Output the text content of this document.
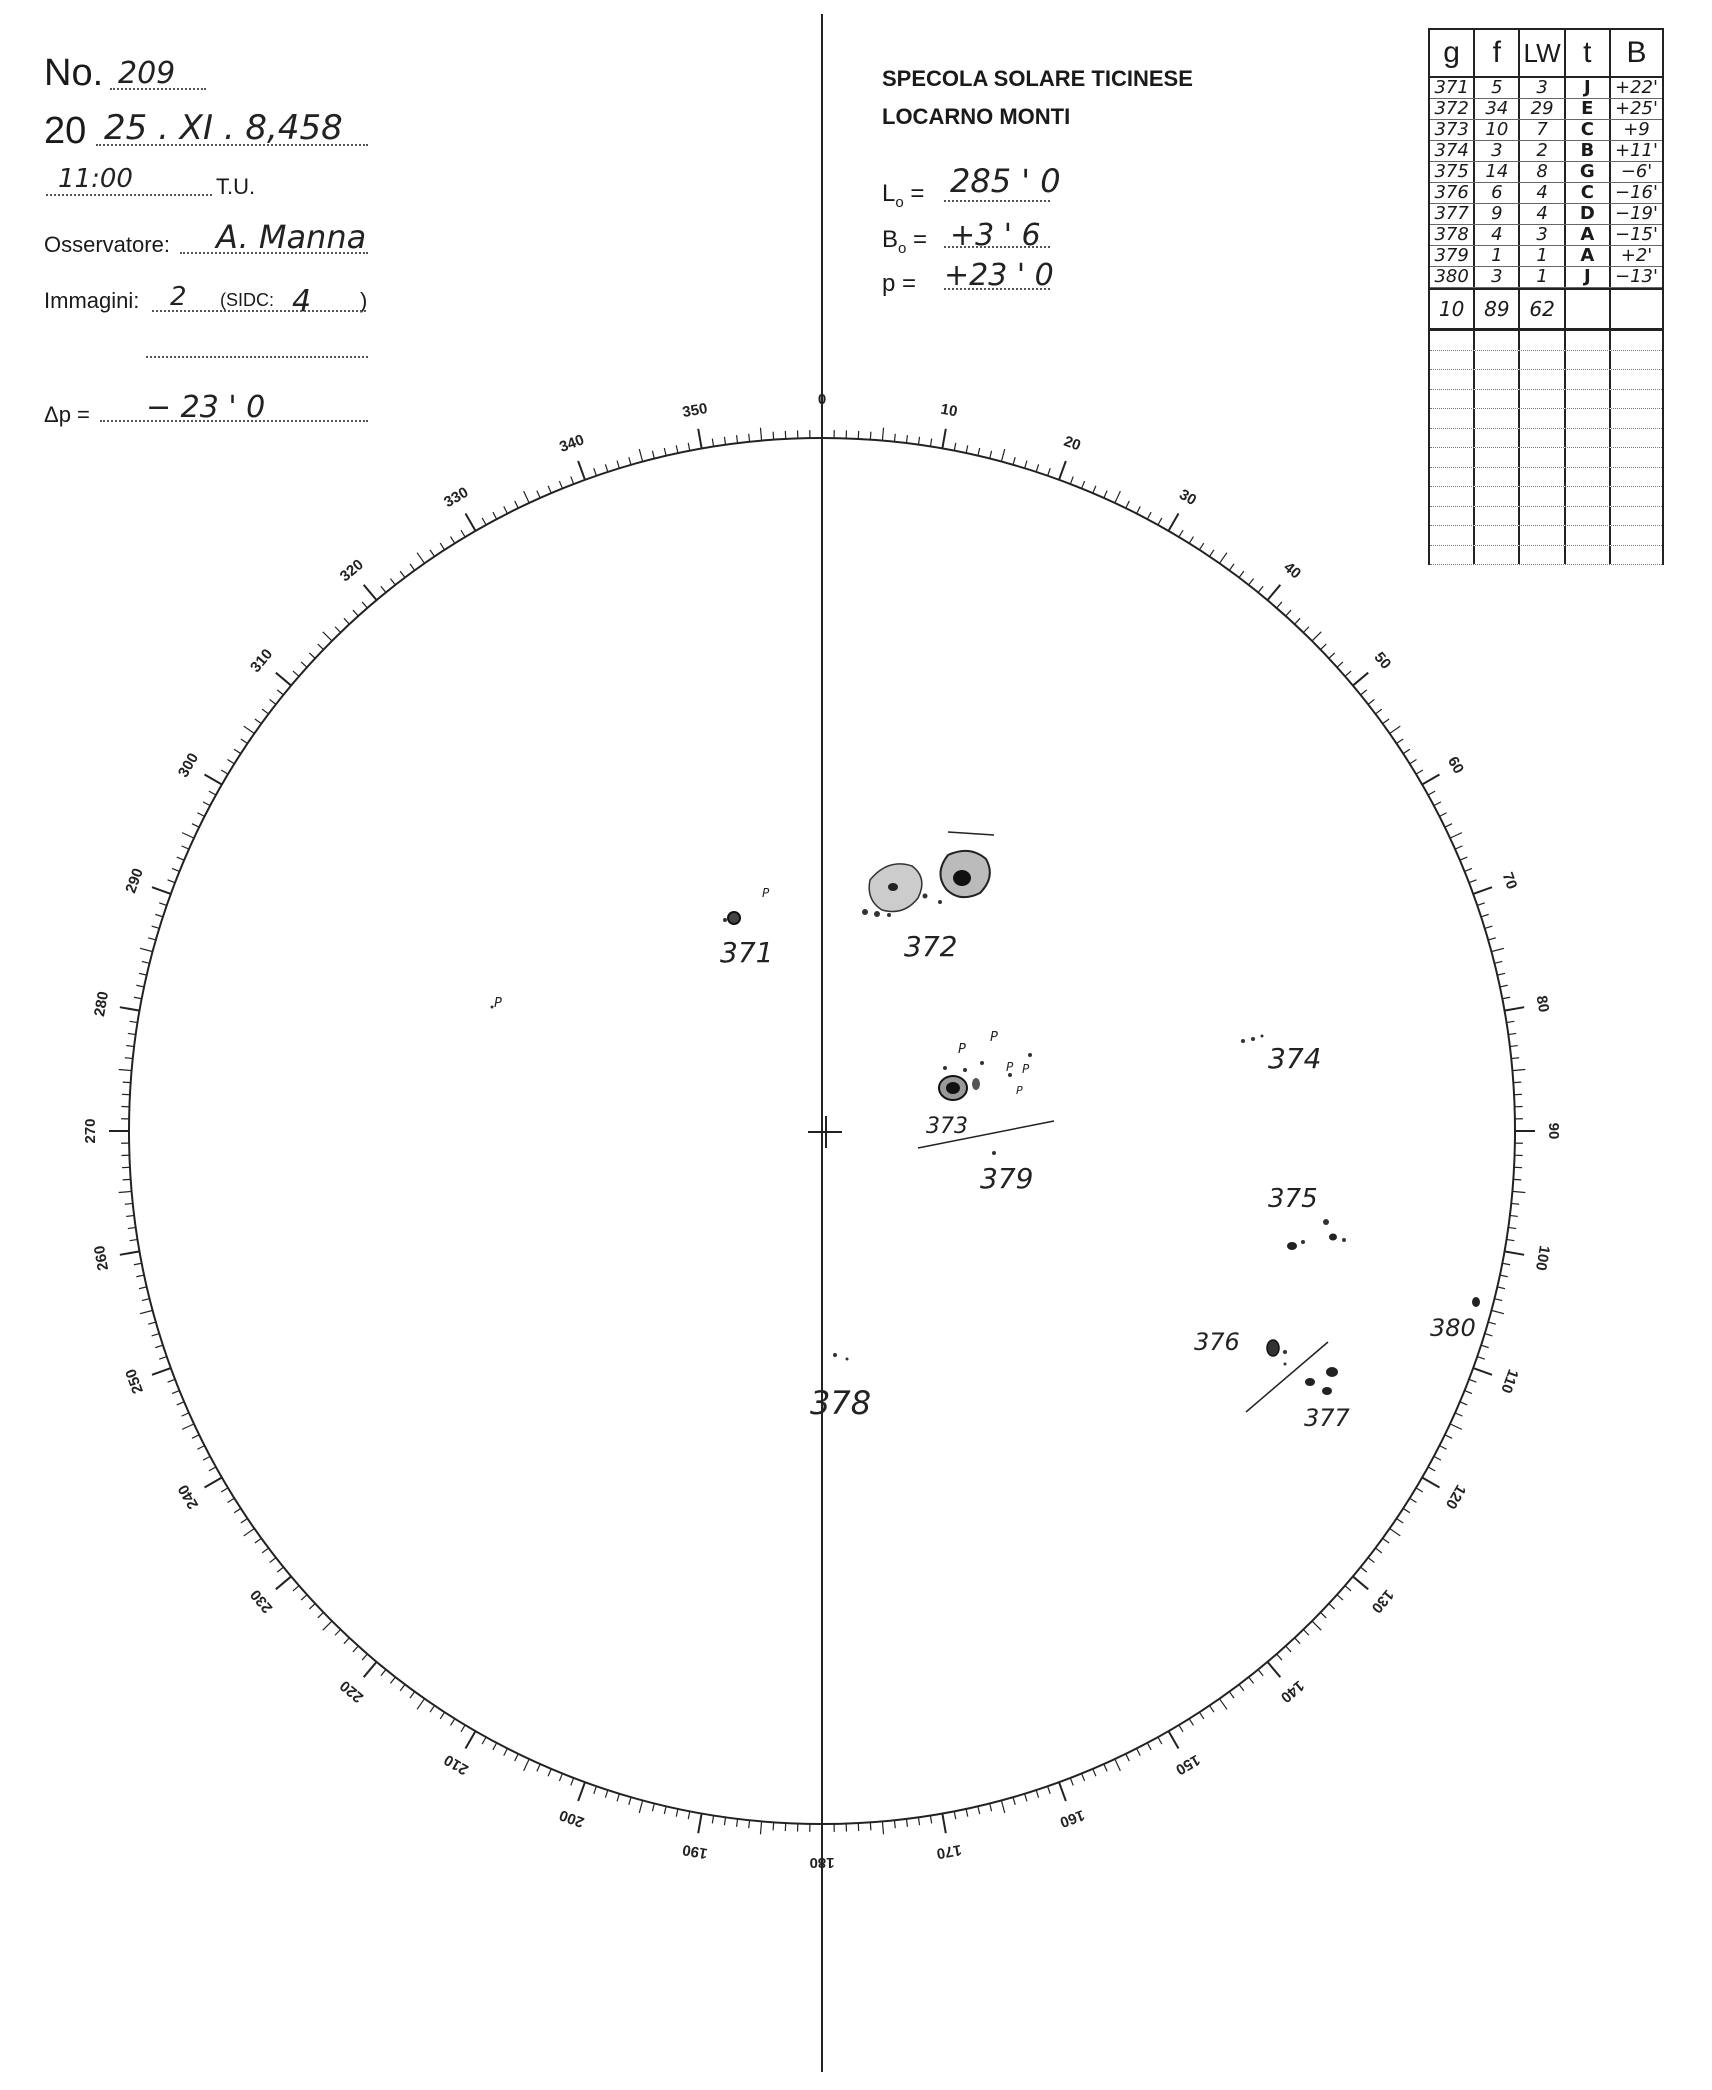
No. 209
20 25 . XI . 8,458
11:00	T.U.
Osservatore: A. Manna
Immagini: 2 (SIDC: 4 )
Δp = − 23 ' 0
SPECOLA SOLARE TICINESE
LOCARNO MONTI
$L_o = 285$ ' 0
$B_o = +3$ ' 6
p = +23 ' 0
g	f LW t	B
371	5	3	J	+22'
372 34	29	E	+25'
373 10	7	C	+9
374	3	2	B	+11'
375 14	8	G	−6'
376	6	4	C	−16'
377	9	4	D	−19'
378	4	3	A	−15'
379	1	1	A	+2'
380	3	1	J	−13'
10 89 62
0
10
20
30
40
50
60
70
80
90
100
110
120
130
140
150
160
170
180
190
200
210
220
230
240
250
260
270
280
290
300
310
320
330
340
350
371	372
373
374
375
376
377
378
379
380
P
P
P
P
P P
P
